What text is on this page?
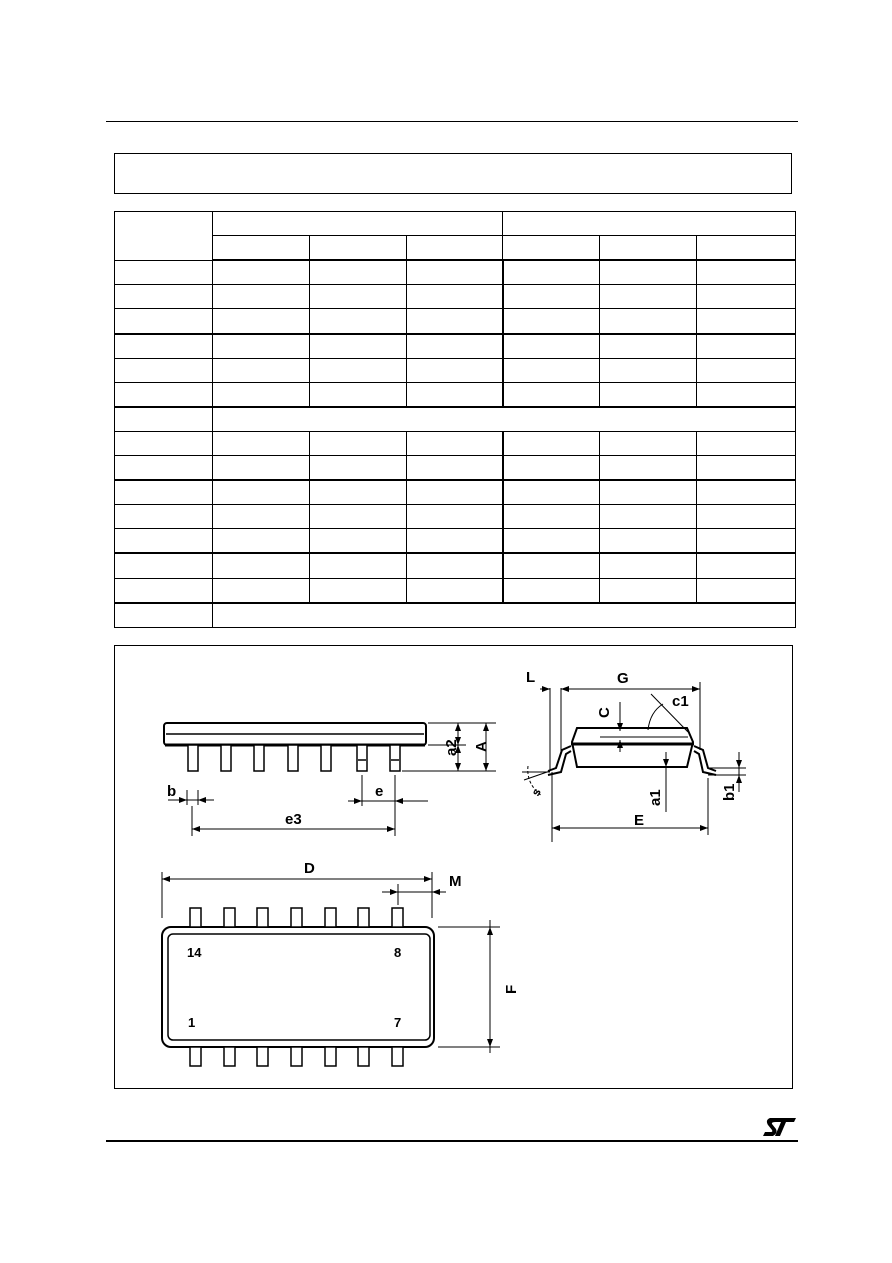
A
a2
b	e
e3
D
M
F
L	G
c1
C
a1	b1
E
s
14	8
1	7
